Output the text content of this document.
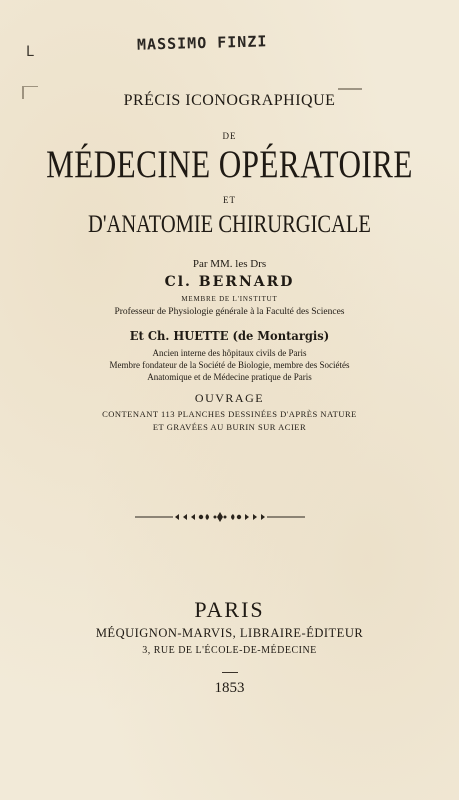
L	MASSIMO FINZI
PRÉCIS ICONOGRAPHIQUE
DE
MÉDECINE OPÉRATOIRE
ET
D'ANATOMIE CHIRURGICALE
Par MM. les Drs
Cl. BERNARD
MEMBRE DE L'INSTITUT
Professeur de Physiologie générale à la Faculté des Sciences
Et Ch. HUETTE (de Montargis)
Ancien interne des hôpitaux civils de Paris
Membre fondateur de la Société de Biologie, membre des Sociétés
Anatomique et de Médecine pratique de Paris
OUVRAGE
CONTENANT 113 PLANCHES DESSINÉES D'APRÈS NATURE
ET GRAVÉES AU BURIN SUR ACIER
PARIS
MÉQUIGNON-MARVIS, LIBRAIRE-ÉDITEUR
3, RUE DE L'ÉCOLE-DE-MÉDECINE
1853
